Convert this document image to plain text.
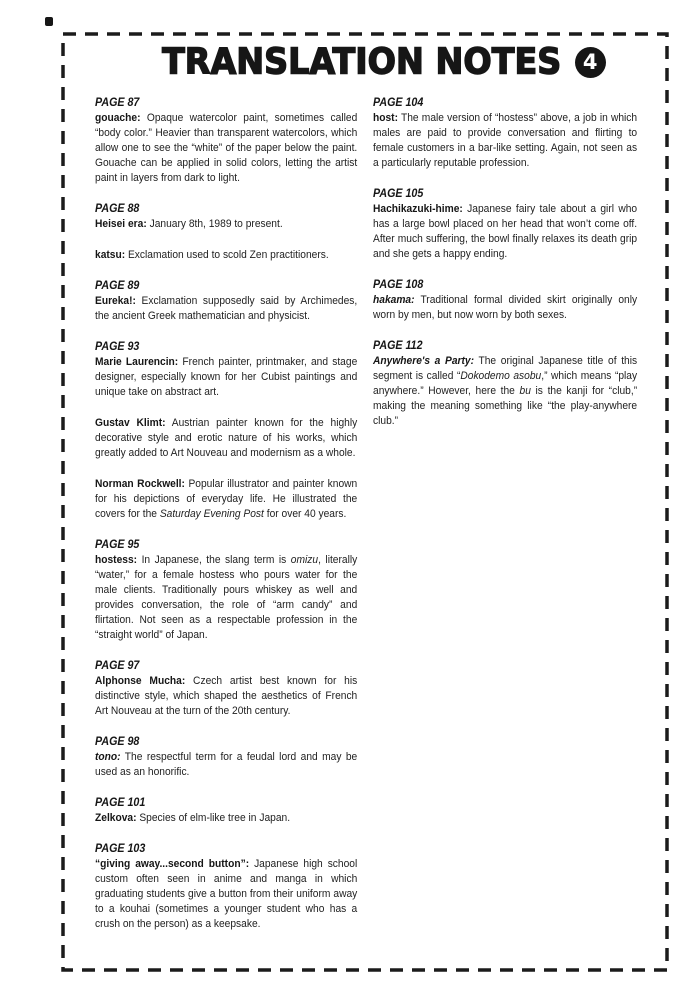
TRANSLATION NOTES 4
PAGE 87

gouache: Opaque watercolor paint, sometimes called “body color.” Heavier than transparent watercolors, which allow one to see the “white” of the paper below the paint. Gouache can be applied in solid colors, letting the artist paint in layers from dark to light.

PAGE 88

Heisei era: January 8th, 1989 to present.

katsu: Exclamation used to scold Zen practitioners.

PAGE 89

Eureka!: Exclamation supposedly said by Archimedes, the ancient Greek mathematician and physicist.

PAGE 93

Marie Laurencin: French painter, printmaker, and stage designer, especially known for her Cubist paintings and unique take on abstract art.

Gustav Klimt: Austrian painter known for the highly decorative style and erotic nature of his works, which greatly added to Art Nouveau and modernism as a whole.

Norman Rockwell: Popular illustrator and painter known for his depictions of everyday life. He illustrated the covers for the Saturday Evening Post for over 40 years.

PAGE 95

hostess: In Japanese, the slang term is omizu, literally “water,” for a female hostess who pours water for the male clients. Traditionally pours whiskey as well and provides conversation, the role of “arm candy” and flirtation. Not seen as a respectable profession in the “straight world” of Japan.

PAGE 97

Alphonse Mucha: Czech artist best known for his distinctive style, which shaped the aesthetics of French Art Nouveau at the turn of the 20th century.

PAGE 98

tono: The respectful term for a feudal lord and may be used as an honorific.

PAGE 101

Zelkova: Species of elm-like tree in Japan.

PAGE 103

“giving away...second button”: Japanese high school custom often seen in anime and manga in which graduating students give a button from their uniform away to a kouhai (sometimes a younger student who has a crush on the person) as a keepsake.

PAGE 104

host: The male version of “hostess” above, a job in which males are paid to provide conversation and flirting to female customers in a bar-like setting. Again, not seen as a particularly reputable profession.

PAGE 105

Hachikazuki-hime: Japanese fairy tale about a girl who has a large bowl placed on her head that won’t come off. After much suffering, the bowl finally relaxes its death grip and she gets a happy ending.

PAGE 108

hakama: Traditional formal divided skirt originally only worn by men, but now worn by both sexes.

PAGE 112

Anywhere's a Party: The original Japanese title of this segment is called “Dokodemo asobu,” which means “play anywhere.” However, here the bu is the kanji for “club,” making the meaning something like “the play-anywhere club.”
